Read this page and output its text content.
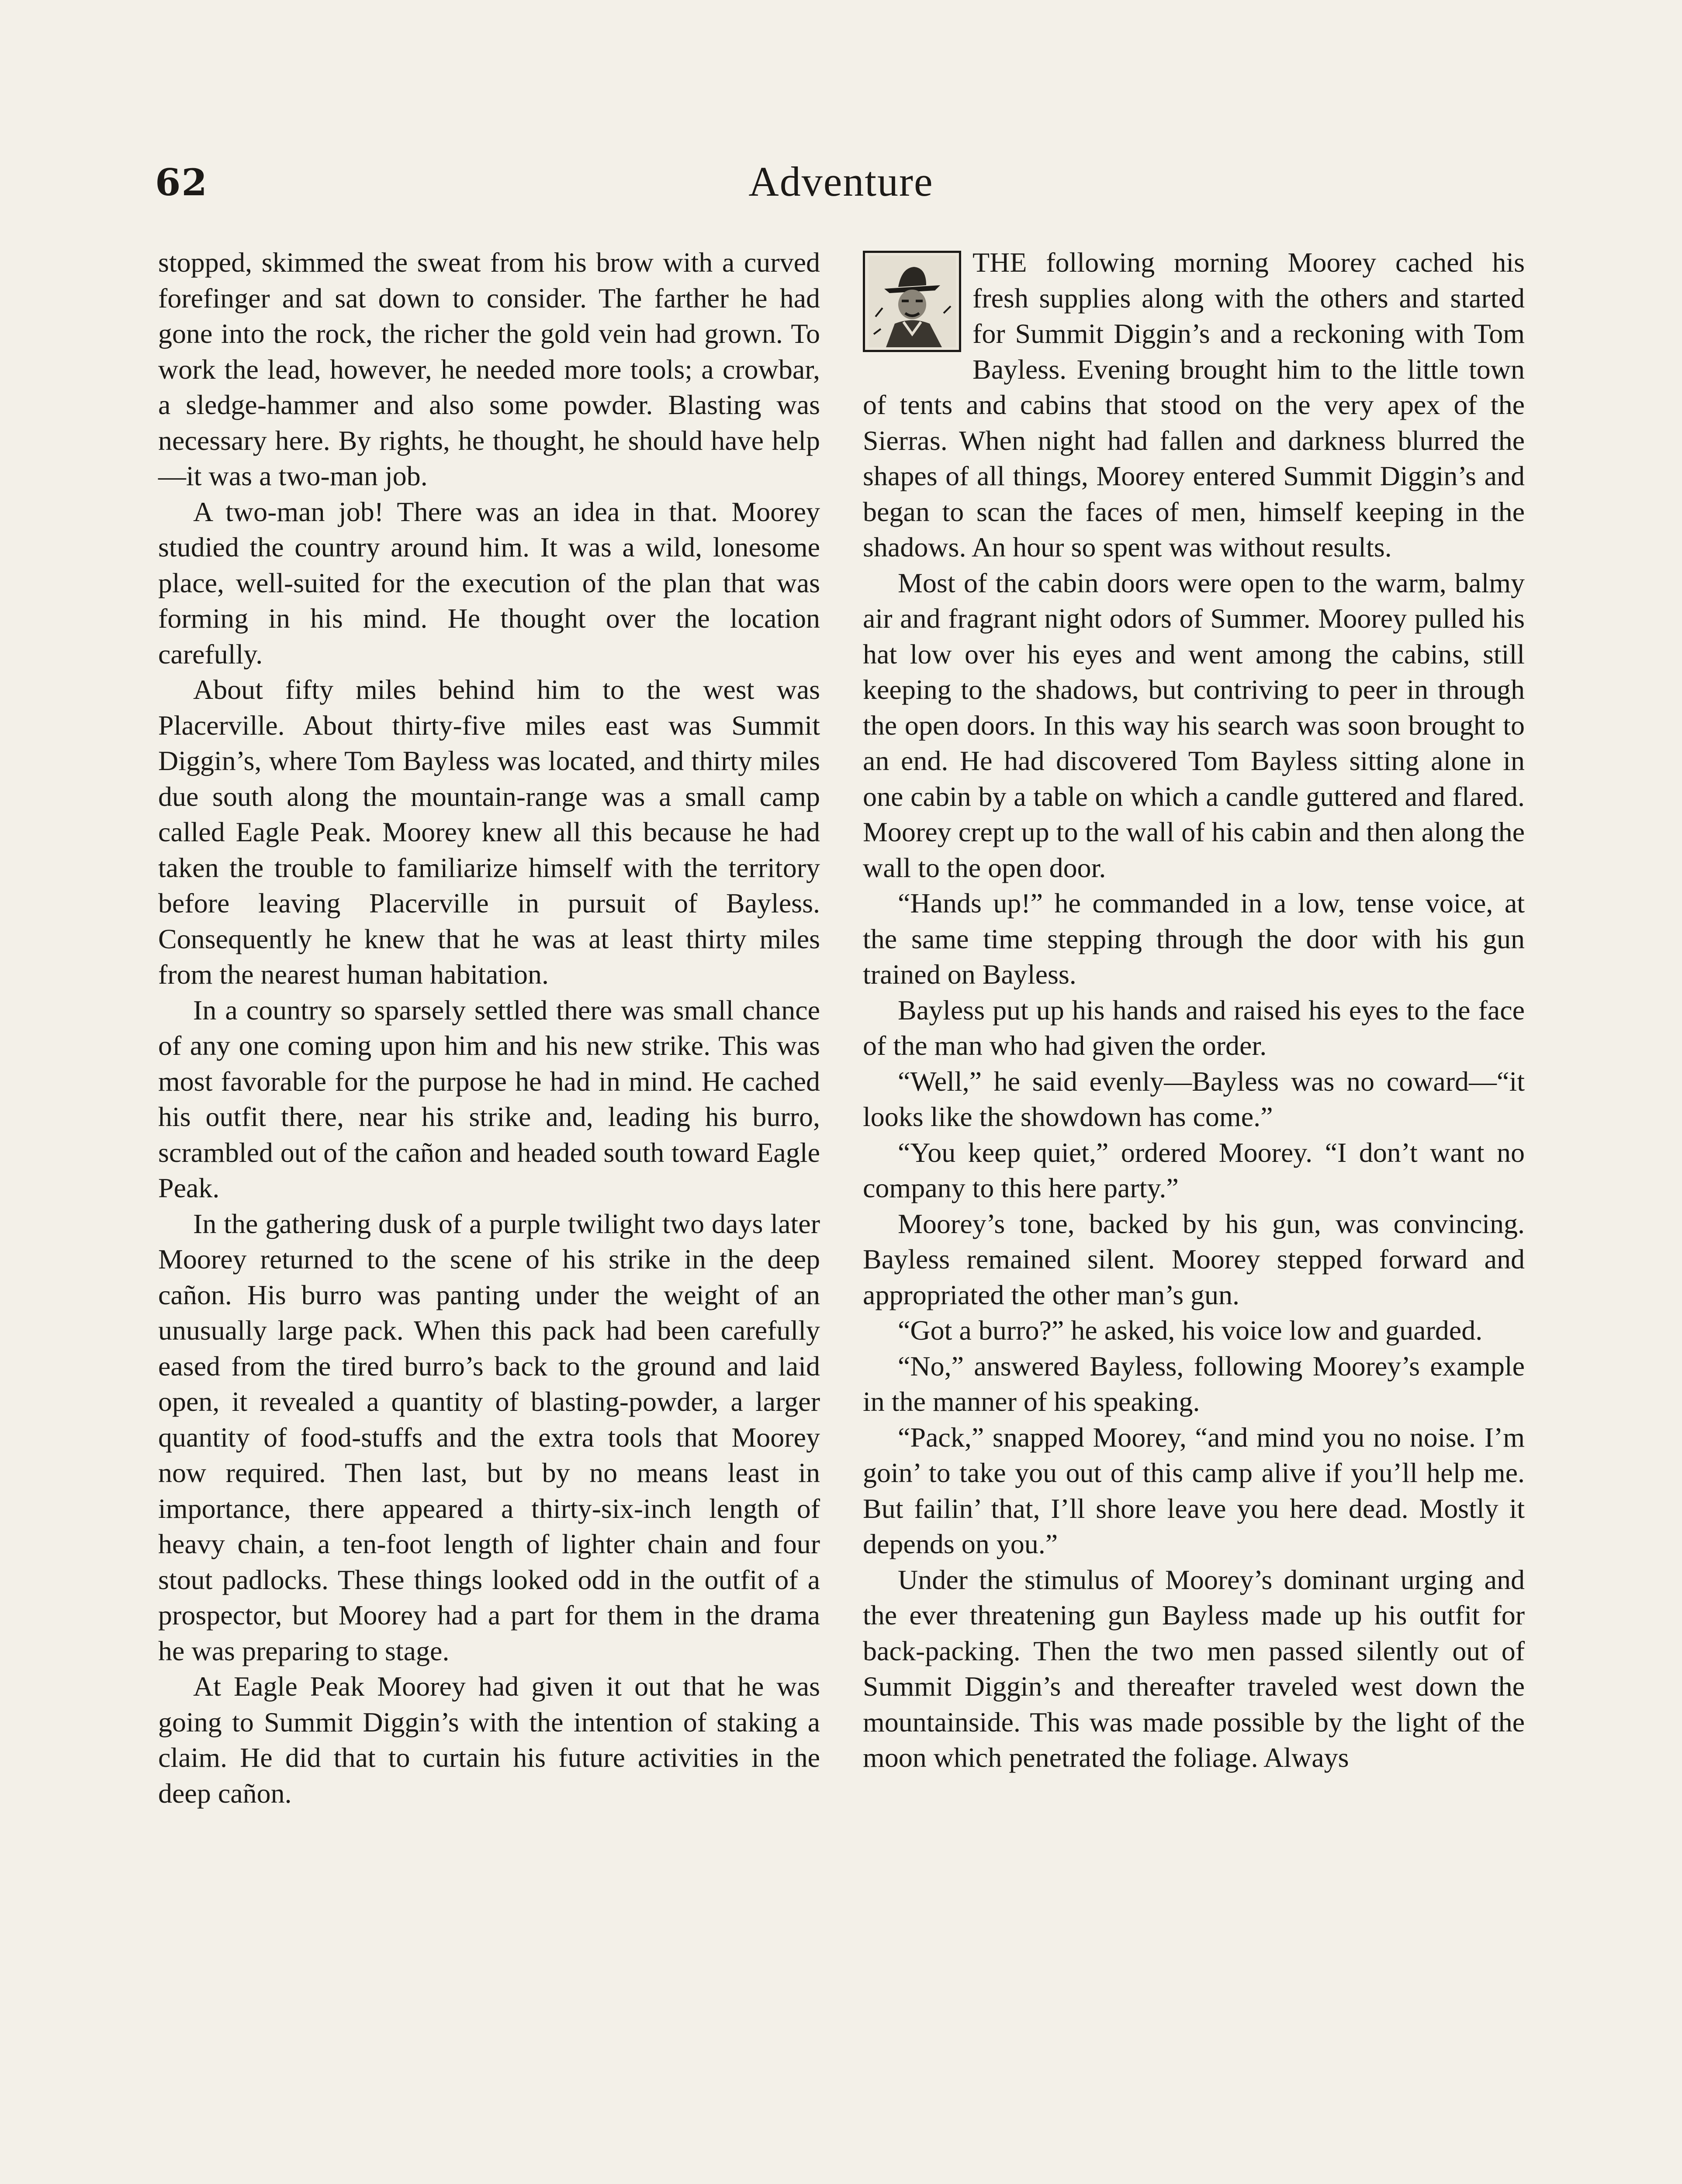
62	Adventure

stopped, skimmed the sweat from his brow with a curved forefinger and sat down to consider. The farther he had gone into the rock, the richer the gold vein had grown. To work the lead, however, he needed more tools; a crowbar, a sledge-hammer and also some powder. Blasting was necessary here. By rights, he thought, he should have help—it was a two-man job.

A two-man job! There was an idea in that. Moorey studied the country around him. It was a wild, lonesome place, well-suited for the execution of the plan that was forming in his mind. He thought over the location carefully.

About fifty miles behind him to the west was Placerville. About thirty-five miles east was Summit Diggin’s, where Tom Bayless was located, and thirty miles due south along the mountain-range was a small camp called Eagle Peak. Moorey knew all this because he had taken the trouble to familiarize himself with the territory before leaving Placerville in pursuit of Bayless. Consequently he knew that he was at least thirty miles from the nearest human habitation.

In a country so sparsely settled there was small chance of any one coming upon him and his new strike. This was most favorable for the purpose he had in mind. He cached his outfit there, near his strike and, leading his burro, scrambled out of the cañon and headed south toward Eagle Peak.

In the gathering dusk of a purple twilight two days later Moorey returned to the scene of his strike in the deep cañon. His burro was panting under the weight of an unusually large pack. When this pack had been carefully eased from the tired burro’s back to the ground and laid open, it revealed a quantity of blasting-powder, a larger quantity of food-stuffs and the extra tools that Moorey now required. Then last, but by no means least in importance, there appeared a thirty-six-inch length of heavy chain, a ten-foot length of lighter chain and four stout padlocks. These things looked odd in the outfit of a prospector, but Moorey had a part for them in the drama he was preparing to stage.

At Eagle Peak Moorey had given it out that he was going to Summit Diggin’s with the intention of staking a claim. He did that to curtain his future activities in the deep cañon.

THE following morning Moorey cached his fresh supplies along with the others and started for Summit Diggin’s and a reckoning with Tom Bayless. Evening brought him to the little town of tents and cabins that stood on the very apex of the Sierras. When night had fallen and darkness blurred the shapes of all things, Moorey entered Summit Diggin’s and began to scan the faces of men, himself keeping in the shadows. An hour so spent was without results.

Most of the cabin doors were open to the warm, balmy air and fragrant night odors of Summer. Moorey pulled his hat low over his eyes and went among the cabins, still keeping to the shadows, but contriving to peer in through the open doors. In this way his search was soon brought to an end. He had discovered Tom Bayless sitting alone in one cabin by a table on which a candle guttered and flared. Moorey crept up to the wall of his cabin and then along the wall to the open door.

“Hands up!” he commanded in a low, tense voice, at the same time stepping through the door with his gun trained on Bayless.

Bayless put up his hands and raised his eyes to the face of the man who had given the order.

“Well,” he said evenly—Bayless was no coward—“it looks like the showdown has come.”

“You keep quiet,” ordered Moorey. “I don’t want no company to this here party.”

Moorey’s tone, backed by his gun, was convincing. Bayless remained silent. Moorey stepped forward and appropriated the other man’s gun.

“Got a burro?” he asked, his voice low and guarded.

“No,” answered Bayless, following Moorey’s example in the manner of his speaking.

“Pack,” snapped Moorey, “and mind you no noise. I’m goin’ to take you out of this camp alive if you’ll help me. But failin’ that, I’ll shore leave you here dead. Mostly it depends on you.”

Under the stimulus of Moorey’s dominant urging and the ever threatening gun Bayless made up his outfit for back-packing. Then the two men passed silently out of Summit Diggin’s and thereafter traveled west down the mountainside. This was made possible by the light of the moon which penetrated the foliage. Always
